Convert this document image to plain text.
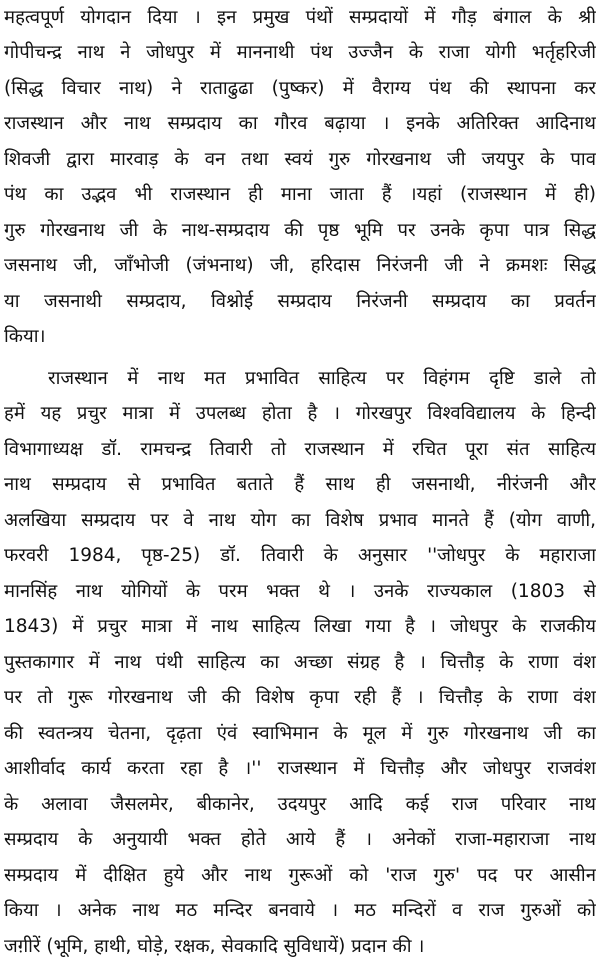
महत्वपूर्ण योगदान दिया । इन प्रमुख पंथों सम्प्रदायों में गौड़ बंगाल के श्री
गोपीचन्द्र नाथ ने जोधपुर में माननाथी पंथ उज्जैन के राजा योगी भर्तृहरिजी
(सिद्ध विचार नाथ) ने राताढुढा (पुष्कर) में वैराग्य पंथ की स्थापना कर
राजस्थान और नाथ सम्प्रदाय का गौरव बढ़ाया । इनके अतिरिक्त आदिनाथ
शिवजी द्वारा मारवाड़ के वन तथा स्वयं गुरु गोरखनाथ जी जयपुर के पाव
पंथ का उद्भव भी राजस्थान ही माना जाता हैं ।यहां (राजस्थान में ही)
गुरु गोरखनाथ जी के नाथ-सम्प्रदाय की पृष्ठ भूमि पर उनके कृपा पात्र सिद्ध
जसनाथ जी, जाँभोजी (जंभनाथ) जी, हरिदास निरंजनी जी ने क्रमशः सिद्ध
या जसनाथी सम्प्रदाय, विश्नोई सम्प्रदाय निरंजनी सम्प्रदाय का प्रवर्तन
किया।
राजस्थान में नाथ मत प्रभावित साहित्य पर विहंगम दृष्टि डाले तो
हमें यह प्रचुर मात्रा में उपलब्ध होता है । गोरखपुर विश्वविद्यालय के हिन्दी
विभागाध्यक्ष डॉ. रामचन्द्र तिवारी तो राजस्थान में रचित पूरा संत साहित्य
नाथ सम्प्रदाय से प्रभावित बताते हैं साथ ही जसनाथी, नीरंजनी और
अलखिया सम्प्रदाय पर वे नाथ योग का विशेष प्रभाव मानते हैं (योग वाणी,
फरवरी 1984, पृष्ठ-25) डॉ. तिवारी के अनुसार ''जोधपुर के महाराजा
मानसिंह नाथ योगियों के परम भक्त थे । उनके राज्यकाल (1803 से
1843) में प्रचुर मात्रा में नाथ साहित्य लिखा गया है । जोधपुर के राजकीय
पुस्तकागार में नाथ पंथी साहित्य का अच्छा संग्रह है । चित्तौड़ के राणा वंश
पर तो गुरू गोरखनाथ जी की विशेष कृपा रही हैं । चित्तौड़ के राणा वंश
की स्वतन्त्रय चेतना, दृढ़ता एंवं स्वाभिमान के मूल में गुरु गोरखनाथ जी का
आशीर्वाद कार्य करता रहा है ।'' राजस्थान में चित्तौड़ और जोधपुर राजवंश
के अलावा जैसलमेर, बीकानेर, उदयपुर आदि कई राज परिवार नाथ
सम्प्रदाय के अनुयायी भक्त होते आये हैं । अनेकों राजा-महाराजा नाथ
सम्प्रदाय में दीक्षित हुये और नाथ गुरूओं को 'राज गुरु' पद पर आसीन
किया । अनेक नाथ मठ मन्दिर बनवाये । मठ मन्दिरों व राज गुरुओं को
जग़ीरें (भूमि, हाथी, घोड़े, रक्षक, सेवकादि सुविधायें) प्रदान की ।
